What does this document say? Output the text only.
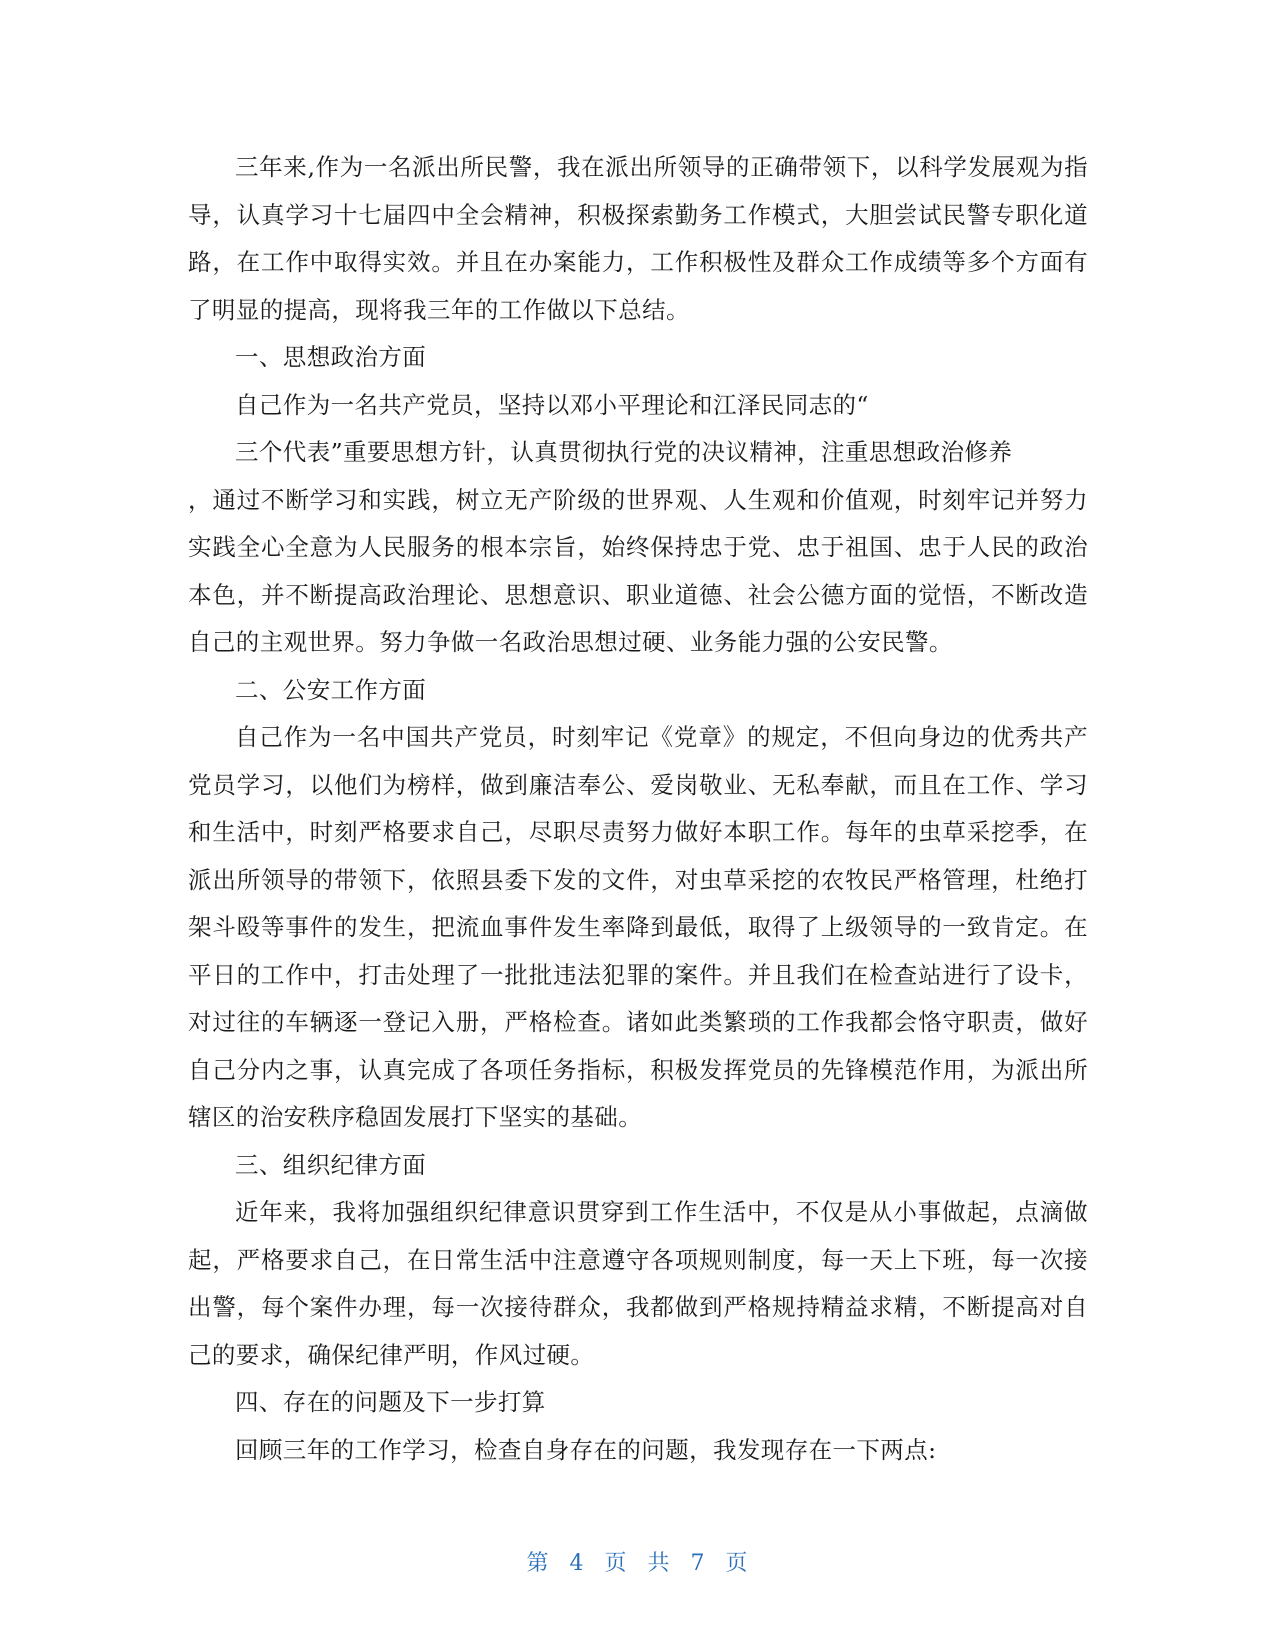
三年来,作为一名派出所民警，我在派出所领导的正确带领下，以科学发展观为指导，认真学习十七届四中全会精神，积极探索勤务工作模式，大胆尝试民警专职化道路，在工作中取得实效。并且在办案能力，工作积极性及群众工作成绩等多个方面有了明显的提高，现将我三年的工作做以下总结。

一、思想政治方面

自己作为一名共产党员，坚持以邓小平理论和江泽民同志的“

三个代表”重要思想方针，认真贯彻执行党的决议精神，注重思想政治修养

，通过不断学习和实践，树立无产阶级的世界观、人生观和价值观，时刻牢记并努力实践全心全意为人民服务的根本宗旨，始终保持忠于党、忠于祖国、忠于人民的政治本色，并不断提高政治理论、思想意识、职业道德、社会公德方面的觉悟，不断改造自己的主观世界。努力争做一名政治思想过硬、业务能力强的公安民警。

二、公安工作方面

自己作为一名中国共产党员，时刻牢记《党章》的规定，不但向身边的优秀共产党员学习，以他们为榜样，做到廉洁奉公、爱岗敬业、无私奉献，而且在工作、学习和生活中，时刻严格要求自己，尽职尽责努力做好本职工作。每年的虫草采挖季，在派出所领导的带领下，依照县委下发的文件，对虫草采挖的农牧民严格管理，杜绝打架斗殴等事件的发生，把流血事件发生率降到最低，取得了上级领导的一致肯定。在平日的工作中，打击处理了一批批违法犯罪的案件。并且我们在检查站进行了设卡，对过往的车辆逐一登记入册，严格检查。诸如此类繁琐的工作我都会恪守职责，做好自己分内之事，认真完成了各项任务指标，积极发挥党员的先锋模范作用，为派出所辖区的治安秩序稳固发展打下坚实的基础。

三、组织纪律方面

近年来，我将加强组织纪律意识贯穿到工作生活中，不仅是从小事做起，点滴做起，严格要求自己，在日常生活中注意遵守各项规则制度，每一天上下班，每一次接出警，每个案件办理，每一次接待群众，我都做到严格规持精益求精，不断提高对自己的要求，确保纪律严明，作风过硬。

四、存在的问题及下一步打算

回顾三年的工作学习，检查自身存在的问题，我发现存在一下两点:

第 4 页 共 7 页
